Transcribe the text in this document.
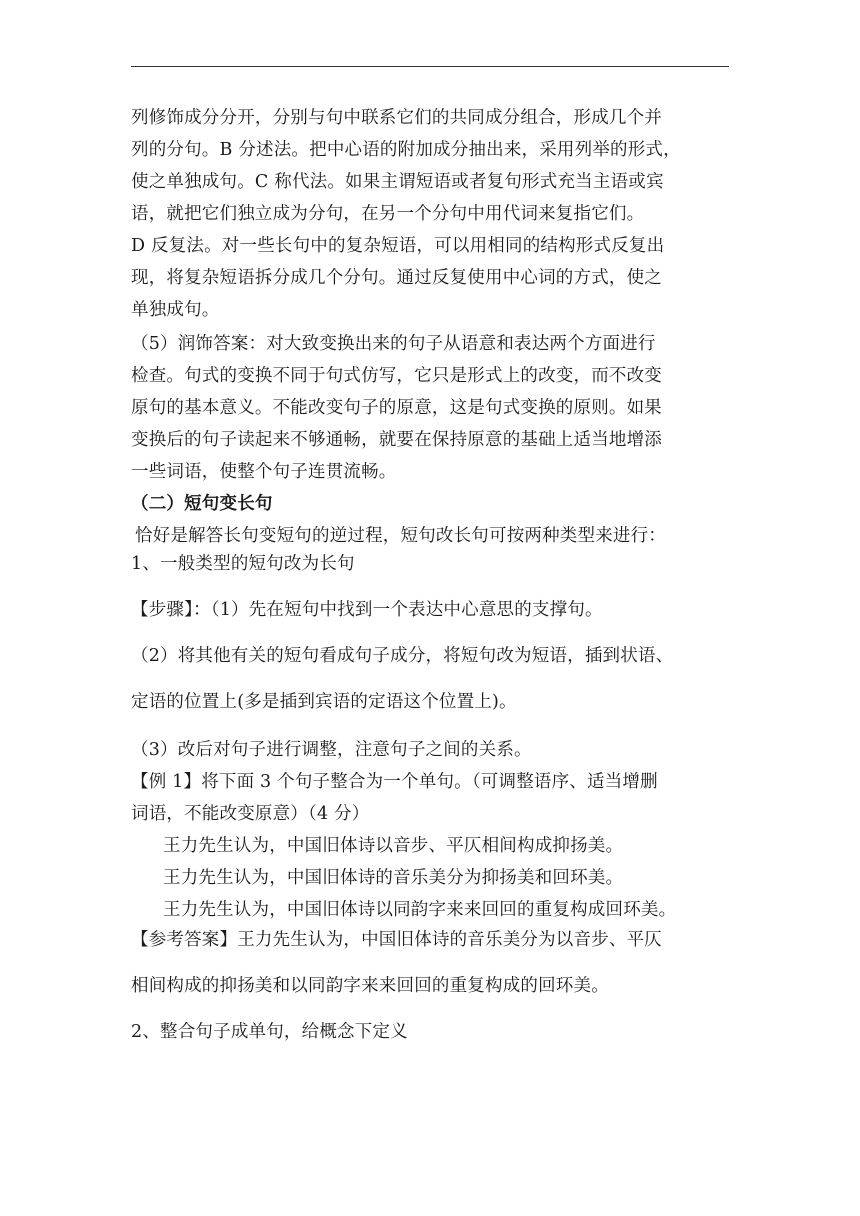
列修饰成分分开，分别与句中联系它们的共同成分组合，形成几个并
列的分句。B 分述法。把中心语的附加成分抽出来，采用列举的形式，
使之单独成句。C 称代法。如果主谓短语或者复句形式充当主语或宾
语，就把它们独立成为分句，在另一个分句中用代词来复指它们。
D 反复法。对一些长句中的复杂短语，可以用相同的结构形式反复出
现，将复杂短语拆分成几个分句。通过反复使用中心词的方式，使之
单独成句。
（5）润饰答案：对大致变换出来的句子从语意和表达两个方面进行
检查。句式的变换不同于句式仿写，它只是形式上的改变，而不改变
原句的基本意义。不能改变句子的原意，这是句式变换的原则。如果
变换后的句子读起来不够通畅，就要在保持原意的基础上适当地增添
一些词语，使整个句子连贯流畅。
（二）短句变长句
恰好是解答长句变短句的逆过程，短句改长句可按两种类型来进行：
1、一般类型的短句改为长句
【步骤】：（1）先在短句中找到一个表达中心意思的支撑句。
（2）将其他有关的短句看成句子成分，将短句改为短语，插到状语、
定语的位置上(多是插到宾语的定语这个位置上)。
（3）改后对句子进行调整，注意句子之间的关系。
【例 1】将下面 3 个句子整合为一个单句。（可调整语序、适当增删
词语，不能改变原意）（4 分）
王力先生认为，中国旧体诗以音步、平仄相间构成抑扬美。
王力先生认为，中国旧体诗的音乐美分为抑扬美和回环美。
王力先生认为，中国旧体诗以同韵字来来回回的重复构成回环美。
【参考答案】王力先生认为，中国旧体诗的音乐美分为以音步、平仄
相间构成的抑扬美和以同韵字来来回回的重复构成的回环美。
2、整合句子成单句，给概念下定义
